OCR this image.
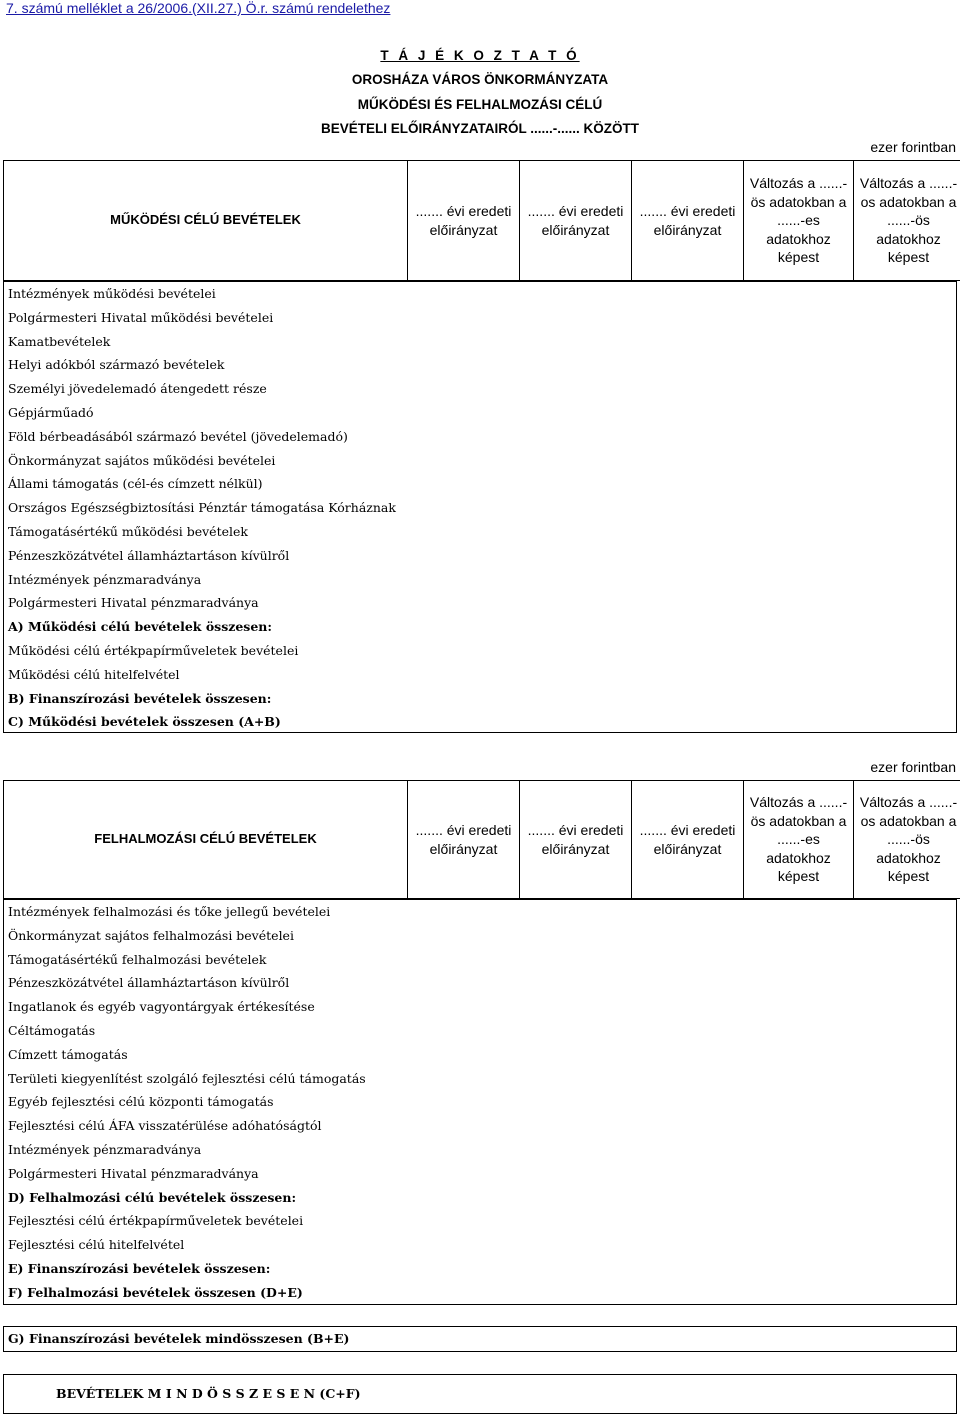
7. számú melléklet a 26/2006.(XII.27.) Ö.r. számú rendelethez
T Á J É K O Z T A T Ó
OROSHÁZA VÁROS ÖNKORMÁNYZATA
MŰKÖDÉSI ÉS FELHALMOZÁSI CÉLÚ
BEVÉTELI ELŐIRÁNYZATAIRÓL ......-...... KÖZÖTT
ezer forintban
MŰKÖDÉSI CÉLÚ BEVÉTELEK	....... évi eredeti előirányzat	....... évi eredeti előirányzat	....... évi eredeti előirányzat	Változás a ......-ös adatokban a ......-es adatokhoz képest	Változás a ......-os adatokban a ......-ös adatokhoz képest
Intézmények működési bevételei
Polgármesteri Hivatal működési bevételei
Kamatbevételek
Helyi adókból származó bevételek
Személyi jövedelemadó átengedett része
Gépjárműadó
Föld bérbeadásából származó bevétel (jövedelemadó)
Önkormányzat sajátos működési bevételei
Állami támogatás (cél-és címzett nélkül)
Országos Egészségbiztosítási Pénztár támogatása Kórháznak
Támogatásértékű működési bevételek
Pénzeszközátvétel államháztartáson kívülről
Intézmények pénzmaradványa
Polgármesteri Hivatal pénzmaradványa
A) Működési célú bevételek összesen:
Működési célú értékpapírműveletek bevételei
Működési célú hitelfelvétel
B) Finanszírozási bevételek összesen:
C) Működési bevételek összesen (A+B)
ezer forintban
FELHALMOZÁSI CÉLÚ BEVÉTELEK	....... évi eredeti előirányzat	....... évi eredeti előirányzat	....... évi eredeti előirányzat	Változás a ......-ös adatokban a ......-es adatokhoz képest	Változás a ......-os adatokban a ......-ös adatokhoz képest
Intézmények felhalmozási és tőke jellegű bevételei
Önkormányzat sajátos felhalmozási bevételei
Támogatásértékű felhalmozási bevételek
Pénzeszközátvétel államháztartáson kívülről
Ingatlanok és egyéb vagyontárgyak értékesítése
Céltámogatás
Címzett támogatás
Területi kiegyenlítést szolgáló fejlesztési célú támogatás
Egyéb fejlesztési célú központi támogatás
Fejlesztési célú ÁFA visszatérülése adóhatóságtól
Intézmények pénzmaradványa
Polgármesteri Hivatal pénzmaradványa
D) Felhalmozási célú bevételek összesen:
Fejlesztési célú értékpapírműveletek bevételei
Fejlesztési célú hitelfelvétel
E) Finanszírozási bevételek összesen:
F) Felhalmozási bevételek összesen (D+E)
G) Finanszírozási bevételek mindösszesen (B+E)
BEVÉTELEK M I N D Ö S S Z E S E N (C+F)
